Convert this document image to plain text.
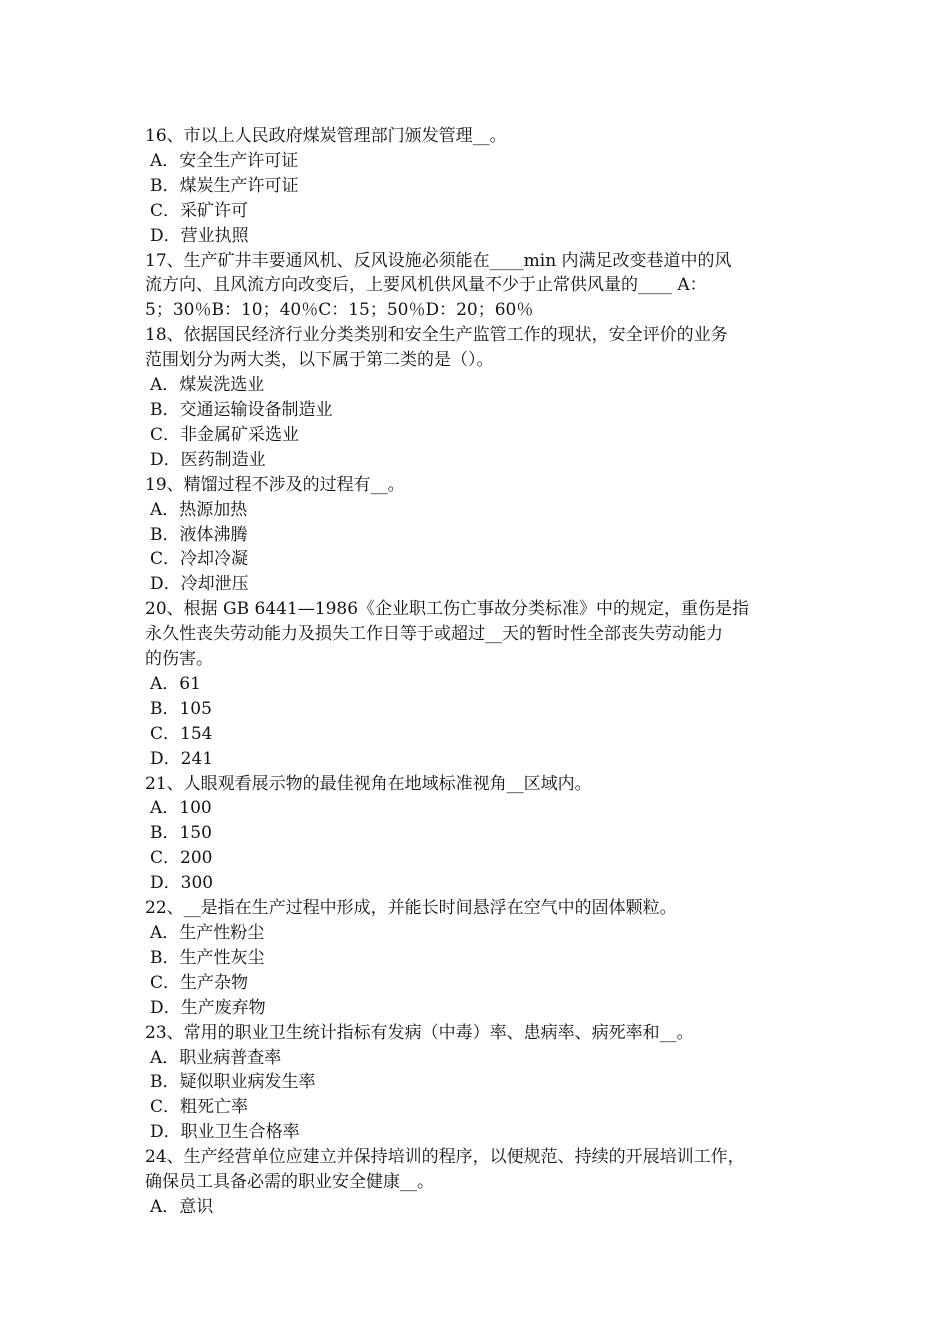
16、市以上人民政府煤炭管理部门颁发管理__。
A．安全生产许可证
B．煤炭生产许可证
C．采矿许可
D．营业执照
17、生产矿井丰要通风机、反风设施必须能在____min 内满足改变巷道中的风
流方向、且风流方向改变后，上要风机供风量不少于止常供风量的____ A：
5；30％B：10；40％C：15；50％D：20；60％
18、依据国民经济行业分类类别和安全生产监管工作的现状，安全评价的业务
范围划分为两大类，以下属于第二类的是（）。
A．煤炭洗选业
B．交通运输设备制造业
C．非金属矿采选业
D．医药制造业
19、精馏过程不涉及的过程有__。
A．热源加热
B．液体沸腾
C．冷却冷凝
D．冷却泄压
20、根据 GB 6441—1986《企业职工伤亡事故分类标准》中的规定，重伤是指
永久性丧失劳动能力及损失工作日等于或超过__天的暂时性全部丧失劳动能力
的伤害。
A．61
B．105
C．154
D．241
21、人眼观看展示物的最佳视角在地域标准视角__区域内。
A．100
B．150
C．200
D．300
22、__是指在生产过程中形成，并能长时间悬浮在空气中的固体颗粒。
A．生产性粉尘
B．生产性灰尘
C．生产杂物
D．生产废弃物
23、常用的职业卫生统计指标有发病（中毒）率、患病率、病死率和__。
A．职业病普查率
B．疑似职业病发生率
C．粗死亡率
D．职业卫生合格率
24、生产经营单位应建立并保持培训的程序，以便规范、持续的开展培训工作，
确保员工具备必需的职业安全健康__。
A．意识
